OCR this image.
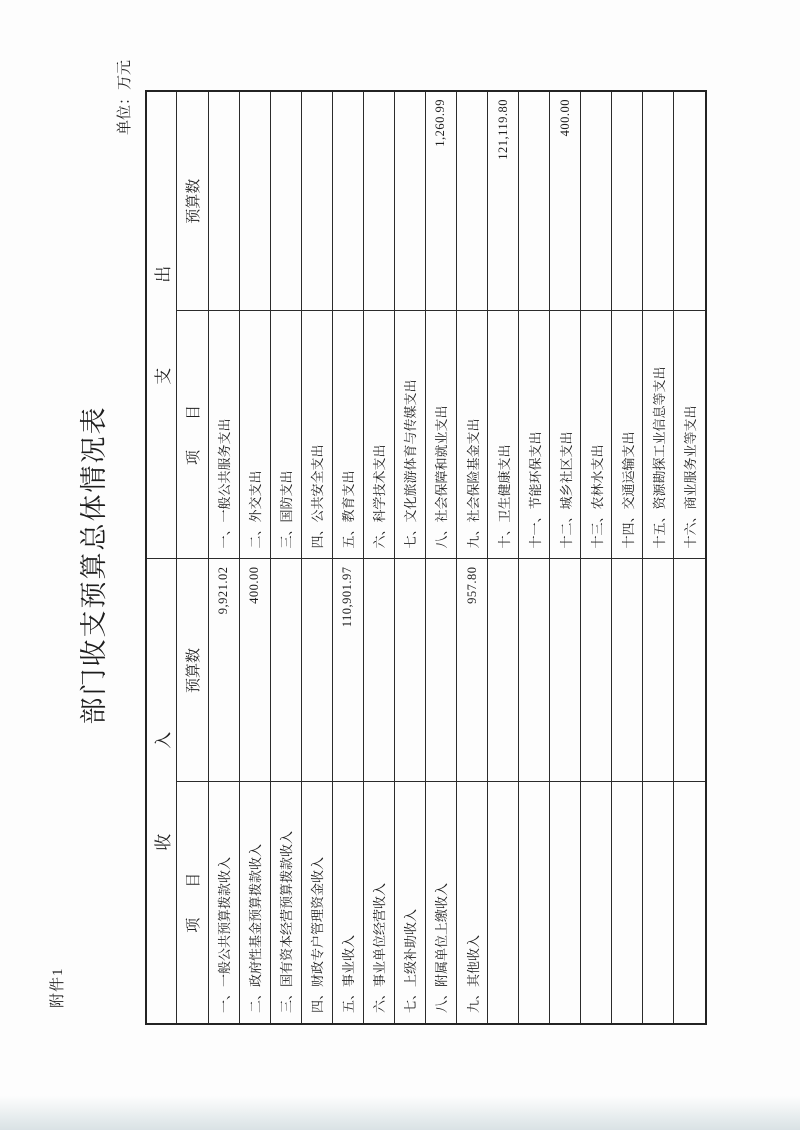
附件1
部门收支预算总体情况表
单位：万元
收　　　　　入		支　　　　　出	
项　　目	预算数	项　　目	预算数
一、一般公共预算拨款收入	9,921.02	一、一般公共服务支出	
二、政府性基金预算拨款收入	400.00	二、外交支出	
三、国有资本经营预算拨款收入		三、国防支出	
四、财政专户管理资金收入		四、公共安全支出	
五、事业收入	110,901.97	五、教育支出	
六、事业单位经营收入		六、科学技术支出	
七、上级补助收入		七、文化旅游体育与传媒支出	
八、附属单位上缴收入		八、社会保障和就业支出	1,260.99
九、其他收入	957.80	九、社会保险基金支出	
		十、卫生健康支出	121,119.80
		十一、节能环保支出	
		十二、城乡社区支出	400.00
		十三、农林水支出	
		十四、交通运输支出	
		十五、资源勘探工业信息等支出	
		十六、商业服务业等支出	
